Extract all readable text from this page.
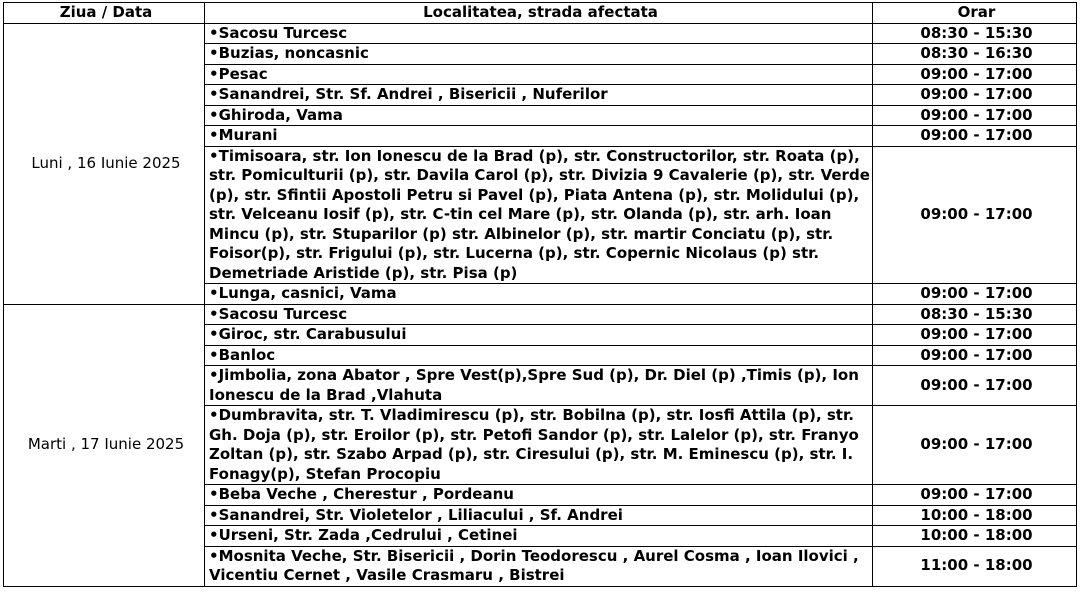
Ziua / Data	Localitatea, strada afectata	Orar
Luni , 16 Iunie 2025	•Sacosu Turcesc	08:30 - 15:30
	•Buzias, noncasnic	08:30 - 16:30
	•Pesac	09:00 - 17:00
	•Sanandrei, Str. Sf. Andrei , Bisericii , Nuferilor	09:00 - 17:00
	•Ghiroda, Vama	09:00 - 17:00
	•Murani	09:00 - 17:00
	•Timisoara, str. Ion Ionescu de la Brad (p), str. Constructorilor, str. Roata (p), str. Pomiculturii (p), str. Davila Carol (p), str. Divizia 9 Cavalerie (p), str. Verde (p), str. Sfintii Apostoli Petru si Pavel (p), Piata Antena (p), str. Molidului (p), str. Velceanu Iosif (p), str. C-tin cel Mare (p), str. Olanda (p), str. arh. Ioan Mincu (p), str. Stuparilor (p) str. Albinelor (p), str. martir Conciatu (p), str. Foisor(p), str. Frigului (p), str. Lucerna (p), str. Copernic Nicolaus (p) str. Demetriade Aristide (p), str. Pisa (p)	09:00 - 17:00
	•Lunga, casnici, Vama	09:00 - 17:00
Marti , 17 Iunie 2025	•Sacosu Turcesc	08:30 - 15:30
	•Giroc, str. Carabusului	09:00 - 17:00
	•Banloc	09:00 - 17:00
	•Jimbolia, zona Abator , Spre Vest(p),Spre Sud (p), Dr. Diel (p) ,Timis (p), Ion Ionescu de la Brad ,Vlahuta	09:00 - 17:00
	•Dumbravita, str. T. Vladimirescu (p), str. Bobilna (p), str. Iosfi Attila (p), str. Gh. Doja (p), str. Eroilor (p), str. Petofi Sandor (p), str. Lalelor (p), str. Franyo Zoltan (p), str. Szabo Arpad (p), str. Ciresului (p), str. M. Eminescu (p), str. I. Fonagy(p), Stefan Procopiu	09:00 - 17:00
	•Beba Veche , Cherestur , Pordeanu	09:00 - 17:00
	•Sanandrei, Str. Violetelor , Liliacului , Sf. Andrei	10:00 - 18:00
	•Urseni, Str. Zada ,Cedrului , Cetinei	10:00 - 18:00
	•Mosnita Veche, Str. Bisericii , Dorin Teodorescu , Aurel Cosma , Ioan Ilovici , Vicentiu Cernet , Vasile Crasmaru , Bistrei	11:00 - 18:00
